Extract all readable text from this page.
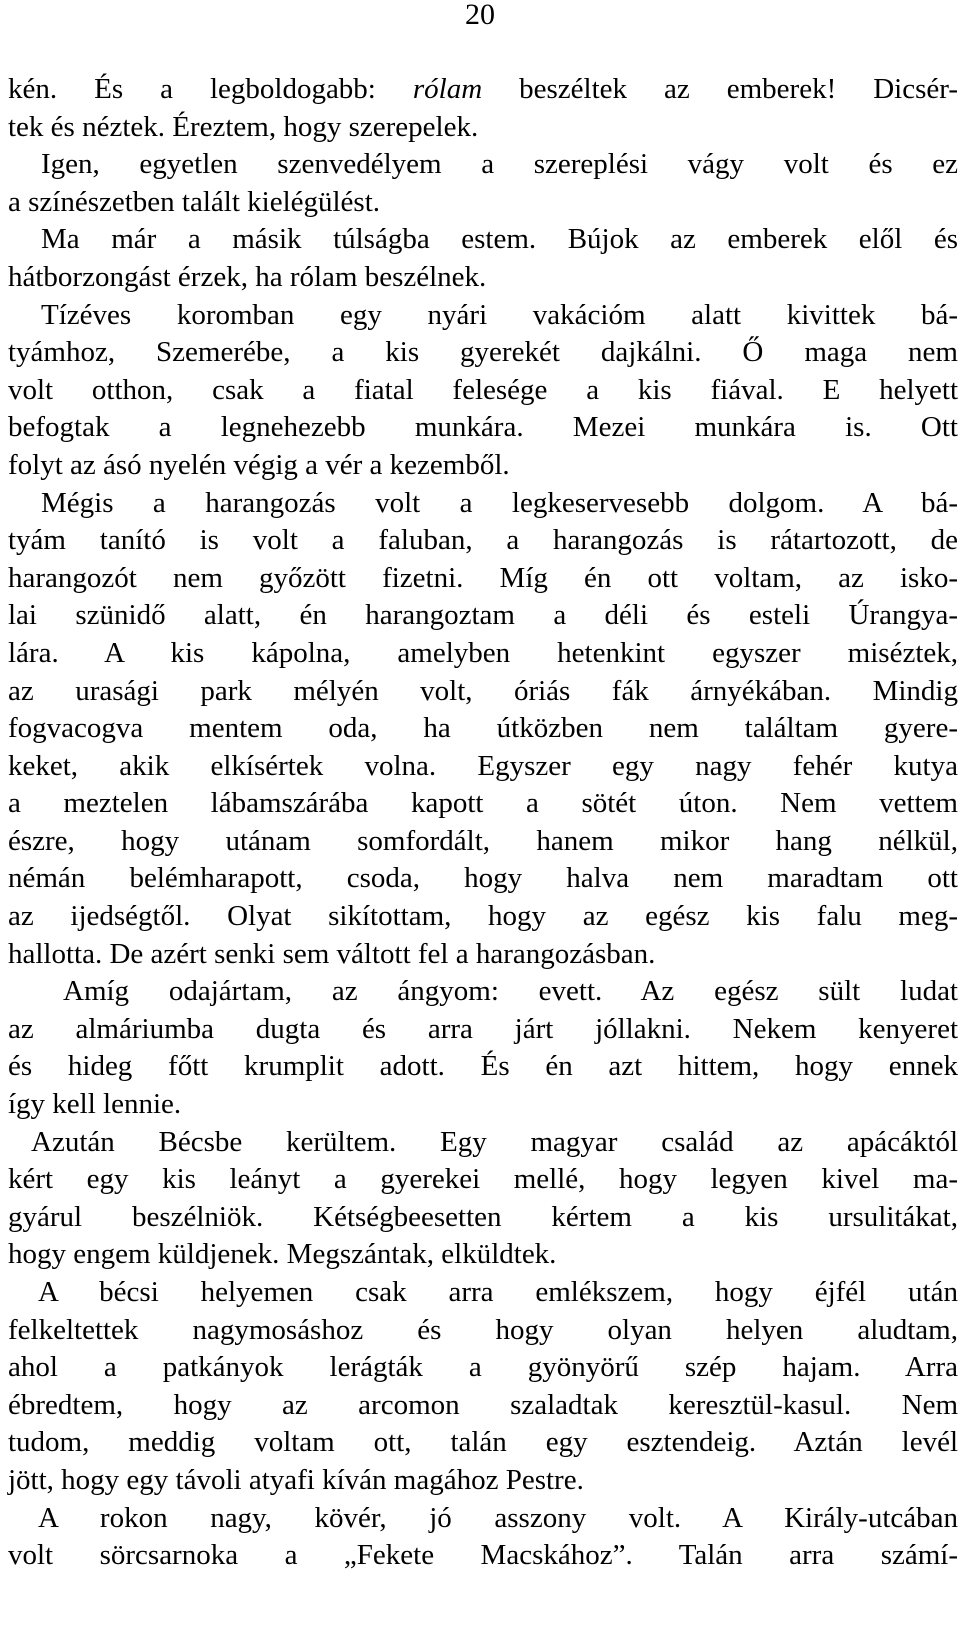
20
kén. És a legboldogabb: rólam beszéltek az emberek! Dicsér-
tek és néztek. Éreztem, hogy szerepelek.
Igen, egyetlen szenvedélyem a szereplési vágy volt és ez
a színészetben talált kielégülést.
Ma már a másik túlságba estem. Bújok az emberek elől és
hátborzongást érzek, ha rólam beszélnek.
Tízéves koromban egy nyári vakációm alatt kivittek bá-
tyámhoz, Szemerébe, a kis gyerekét dajkálni. Ő maga nem
volt otthon, csak a fiatal felesége a kis fiával. E helyett
befogtak a legnehezebb munkára. Mezei munkára is. Ott
folyt az ásó nyelén végig a vér a kezemből.
Mégis a harangozás volt a legkeservesebb dolgom. A bá-
tyám tanító is volt a faluban, a harangozás is rátartozott, de
harangozót nem győzött fizetni. Míg én ott voltam, az isko-
lai szünidő alatt, én harangoztam a déli és esteli Úrangya-
lára. A kis kápolna, amelyben hetenkint egyszer miséztek,
az urasági park mélyén volt, óriás fák árnyékában. Mindig
fogvacogva mentem oda, ha útközben nem találtam gyere-
keket, akik elkísértek volna. Egyszer egy nagy fehér kutya
a meztelen lábamszárába kapott a sötét úton. Nem vettem
észre, hogy utánam somfordált, hanem mikor hang nélkül,
némán belémharapott, csoda, hogy halva nem maradtam ott
az ijedségtől. Olyat sikítottam, hogy az egész kis falu meg-
hallotta. De azért senki sem váltott fel a harangozásban.
Amíg odajártam, az ángyom: evett. Az egész sült ludat
az almáriumba dugta és arra járt jóllakni. Nekem kenyeret
és hideg főtt krumplit adott. És én azt hittem, hogy ennek
így kell lennie.
Azután Bécsbe kerültem. Egy magyar család az apácáktól
kért egy kis leányt a gyerekei mellé, hogy legyen kivel ma-
gyárul beszélniök. Kétségbeesetten kértem a kis ursulitákat,
hogy engem küldjenek. Megszántak, elküldtek.
A bécsi helyemen csak arra emlékszem, hogy éjfél után
felkeltettek nagymosáshoz és hogy olyan helyen aludtam,
ahol a patkányok lerágták a gyönyörű szép hajam. Arra
ébredtem, hogy az arcomon szaladtak keresztül-kasul. Nem
tudom, meddig voltam ott, talán egy esztendeig. Aztán levél
jött, hogy egy távoli atyafi kíván magához Pestre.
A rokon nagy, kövér, jó asszony volt. A Király-utcában
volt sörcsarnoka a „Fekete Macskához”. Talán arra számí-
